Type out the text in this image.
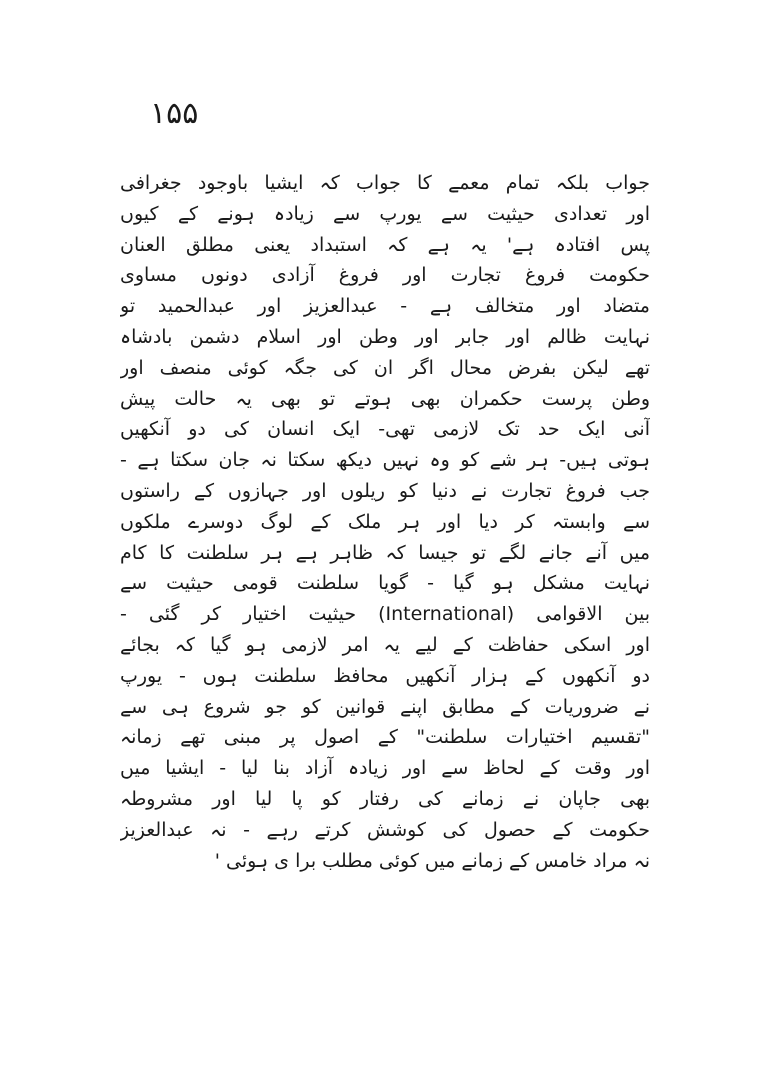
۱۵۵
جواب بلکہ تمام معمے کا جواب کہ ایشیا باوجود جغرافی
اور تعدادی حیثیت سے یورپ سے زیادہ ہونے کے کیوں
پس افتادہ ہے' یہ ہے کہ استبداد یعنی مطلق العنان
حکومت فروغ تجارت اور فروغ آزادی دونوں مساوی
متضاد اور متخالف ہے - عبدالعزیز اور عبدالحمید تو
نہایت ظالم اور جابر اور وطن اور اسلام دشمن بادشاہ
تھے لیکن بفرض محال اگر ان کی جگہ کوئی منصف اور
وطن پرست حکمران بھی ہوتے تو بھی یہ حالت پیش
آنی ایک حد تک لازمی تھی- ایک انسان کی دو آنکھیں
ہوتی ہیں- ہر شے کو وہ نہیں دیکھ سکتا نہ جان سکتا ہے -
جب فروغ تجارت نے دنیا کو ریلوں اور جہازوں کے راستوں
سے وابستہ کر دیا اور ہر ملک کے لوگ دوسرے ملکوں
میں آنے جانے لگے تو جیسا کہ ظاہر ہے ہر سلطنت کا کام
نہایت مشکل ہو گیا - گویا سلطنت قومی حیثیت سے
بین الاقوامی (International) حیثیت اختیار کر گئی -
اور اسکی حفاظت کے لیے یہ امر لازمی ہو گیا کہ بجائے
دو آنکھوں کے ہزار آنکھیں محافظ سلطنت ہوں - یورپ
نے ضروریات کے مطابق اپنے قوانین کو جو شروع ہی سے
"تقسیم اختیارات سلطنت" کے اصول پر مبنی تھے زمانہ
اور وقت کے لحاظ سے اور زیادہ آزاد بنا لیا - ایشیا میں
بھی جاپان نے زمانے کی رفتار کو پا لیا اور مشروطہ
حکومت کے حصول کی کوشش کرتے رہے - نہ عبدالعزیز
نہ مراد خامس کے زمانے میں کوئی مطلب برا ی ہوئی '
